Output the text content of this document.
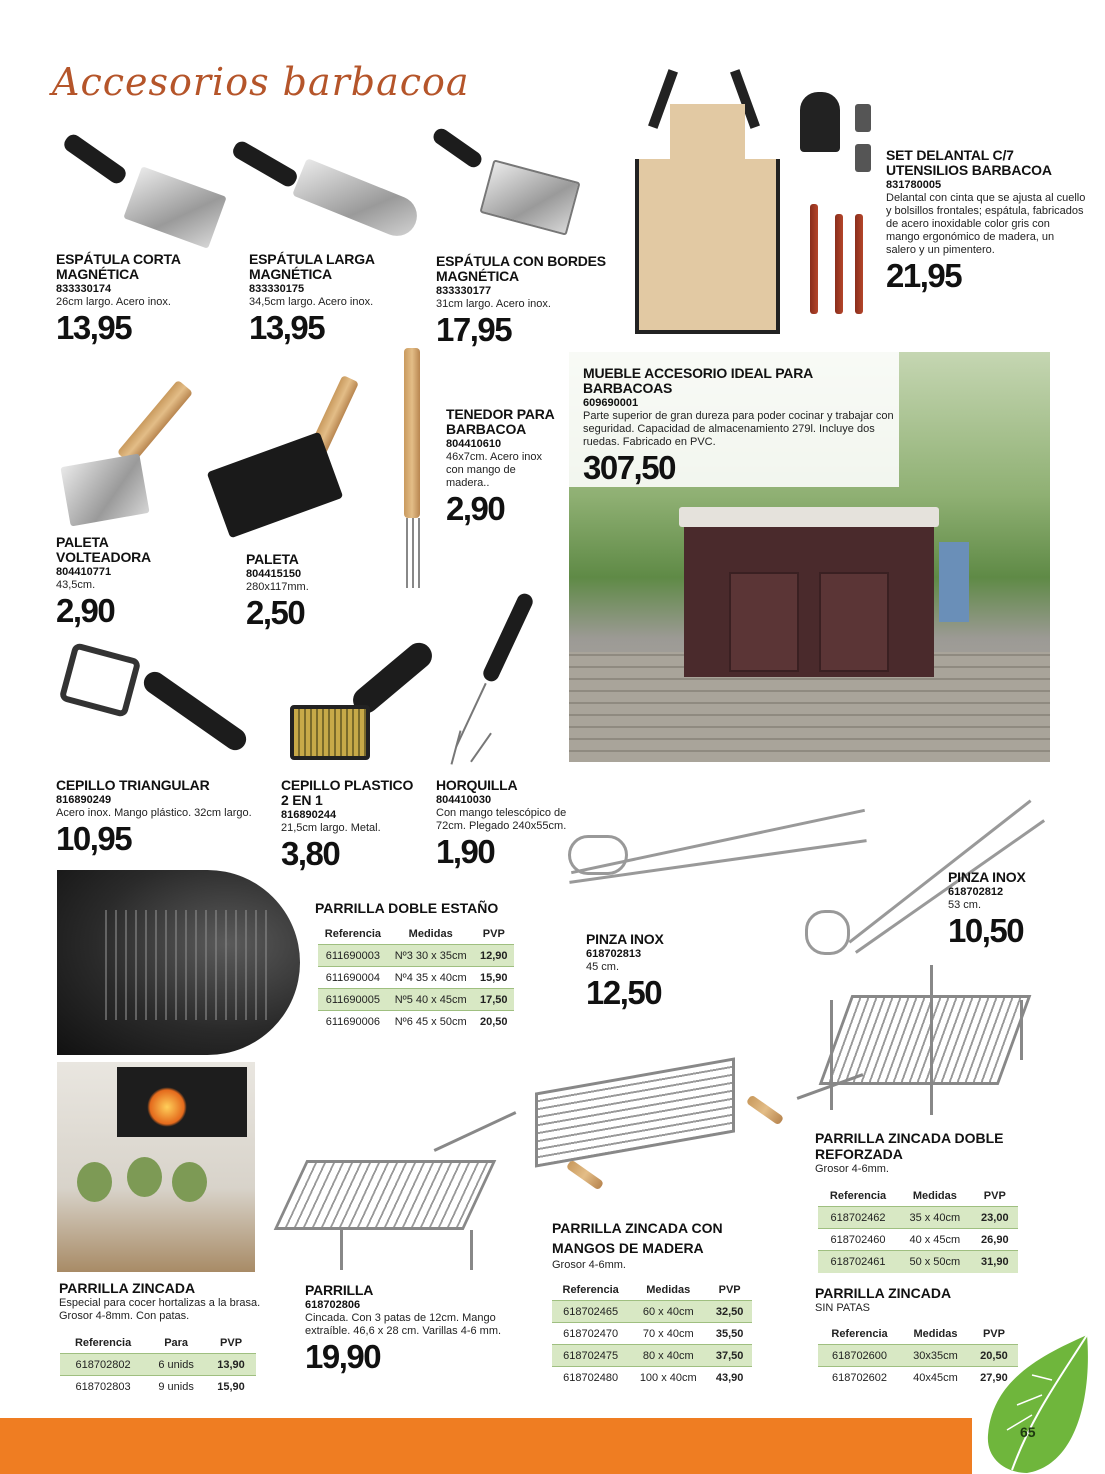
Accesorios barbacoa
ESPÁTULA CORTA MAGNÉTICA
833330174
26cm largo. Acero inox.
13,95
ESPÁTULA LARGA MAGNÉTICA
833330175
34,5cm largo. Acero inox.
13,95
ESPÁTULA CON BORDES MAGNÉTICA
833330177
31cm largo. Acero inox.
17,95
SET DELANTAL C/7 UTENSILIOS BARBACOA
831780005
Delantal con cinta que se ajusta al cuello y bolsillos frontales; espátula, fabricados de acero inoxidable color gris con mango ergonómico de madera, un salero y un pimentero.
21,95
MUEBLE ACCESORIO IDEAL PARA BARBACOAS
609690001
Parte superior de gran dureza para poder cocinar y trabajar con seguridad. Capacidad de almacenamiento 279l. Incluye dos ruedas. Fabricado en PVC.
307,50
PALETA VOLTEADORA
804410771
43,5cm.
2,90
PALETA
804415150
280x117mm.
2,50
TENEDOR PARA BARBACOA
804410610
46x7cm. Acero inox con mango de madera..
2,90
CEPILLO TRIANGULAR
816890249
Acero inox. Mango plástico. 32cm largo.
10,95
CEPILLO PLASTICO 2 EN 1
816890244
21,5cm largo. Metal.
3,80
HORQUILLA
804410030
Con mango telescópico de 72cm. Plegado 240x55cm.
1,90
PINZA INOX
618702813
45 cm.
12,50
PINZA INOX
618702812
53 cm.
10,50
PARRILLA DOBLE ESTAÑO
Referencia	Medidas	PVP
611690003	Nº3 30 x 35cm	12,90
611690004	Nº4 35 x 40cm	15,90
611690005	Nº5 40 x 45cm	17,50
611690006	Nº6 45 x 50cm	20,50
PARRILLA ZINCADA DOBLE REFORZADA
Grosor 4-6mm.
Referencia	Medidas	PVP
618702462	35 x 40cm	23,00
618702460	40 x 45cm	26,90
618702461	50 x 50cm	31,90
PARRILLA ZINCADA
SIN PATAS
Referencia	Medidas	PVP
618702600	30x35cm	20,50
618702602	40x45cm	27,90
PARRILLA ZINCADA
Especial para cocer hortalizas a la brasa. Grosor 4-8mm. Con patas.
Referencia	Para	PVP
618702802	6 unids	13,90
618702803	9 unids	15,90
PARRILLA
618702806
Cincada. Con 3 patas de 12cm. Mango extraíble. 46,6 x 28 cm. Varillas 4-6 mm.
19,90
PARRILLA ZINCADA CON MANGOS DE MADERA
Grosor 4-6mm.
Referencia	Medidas	PVP
618702465	60 x 40cm	32,50
618702470	70 x 40cm	35,50
618702475	80 x 40cm	37,50
618702480	100 x 40cm	43,90
65
